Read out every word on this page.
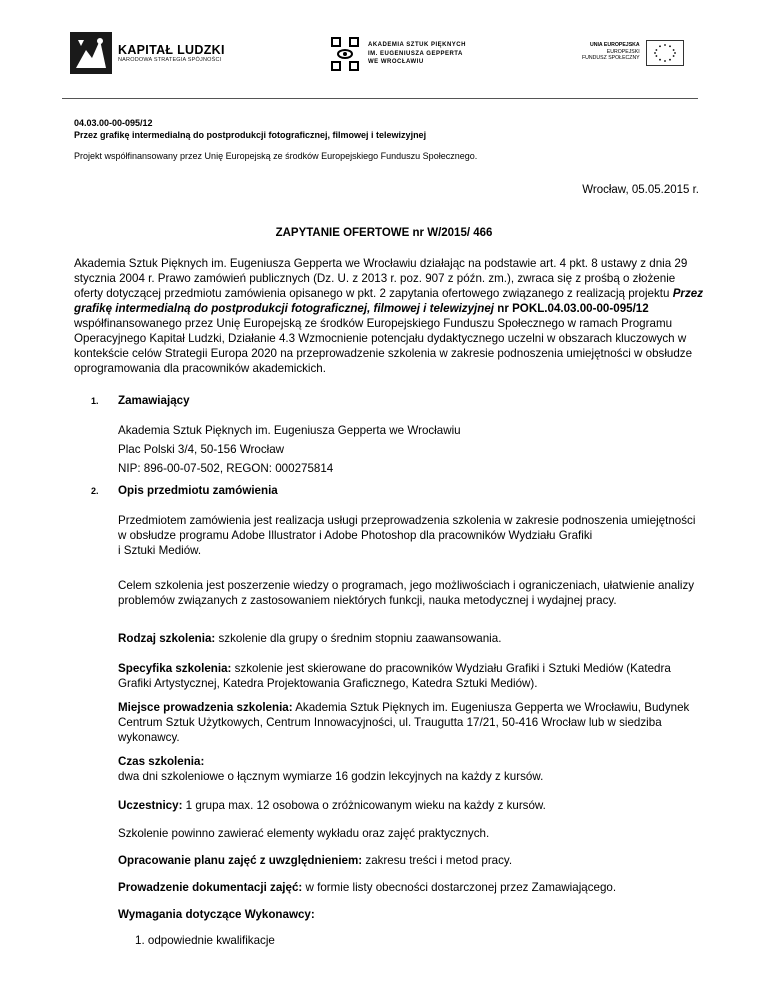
KAPITAŁ LUDZKI
NARODOWA STRATEGIA SPÓJNOŚCI
AKADEMIA SZTUK PIĘKNYCH
IM. EUGENIUSZA GEPPERTA
WE WROCŁAWIU
UNIA EUROPEJSKA
EUROPEJSKI
FUNDUSZ SPOŁECZNY
04.03.00-00-095/12
Przez grafikę intermedialną do postprodukcji fotograficznej, filmowej i telewizyjnej
Projekt współfinansowany przez Unię Europejską ze środków Europejskiego Funduszu Społecznego.
Wrocław, 05.05.2015 r.
ZAPYTANIE OFERTOWE nr W/2015/ 466
Akademia Sztuk Pięknych im. Eugeniusza Gepperta we Wrocławiu działając na podstawie art. 4 pkt. 8 ustawy z dnia 29 stycznia 2004 r. Prawo zamówień publicznych (Dz. U. z 2013 r. poz. 907 z późn. zm.), zwraca się z prośbą o złożenie oferty dotyczącej przedmiotu zamówienia opisanego w pkt. 2 zapytania ofertowego związanego z realizacją projektu Przez grafikę intermedialną do postprodukcji fotograficznej, filmowej i telewizyjnej nr POKL.04.03.00-00-095/12 współfinansowanego przez Unię Europejską ze środków Europejskiego Funduszu Społecznego w ramach Programu Operacyjnego Kapitał Ludzki, Działanie 4.3 Wzmocnienie potencjału dydaktycznego uczelni w obszarach kluczowych w kontekście celów Strategii Europa 2020 na przeprowadzenie szkolenia w zakresie podnoszenia umiejętności w obsłudze oprogramowania dla pracowników akademickich.
1.	Zamawiający
Akademia Sztuk Pięknych im. Eugeniusza Gepperta we Wrocławiu
Plac Polski 3/4, 50-156 Wrocław
NIP: 896-00-07-502, REGON: 000275814
2.	Opis przedmiotu zamówienia
Przedmiotem zamówienia jest realizacja usługi przeprowadzenia szkolenia w zakresie podnoszenia umiejętności w obsłudze programu Adobe Illustrator i Adobe Photoshop dla pracowników Wydziału Grafiki
i Sztuki Mediów.
Celem szkolenia jest poszerzenie wiedzy o programach, jego możliwościach i ograniczeniach, ułatwienie analizy problemów związanych z zastosowaniem niektórych funkcji, nauka metodycznej i wydajnej pracy.
Rodzaj szkolenia: szkolenie dla grupy o średnim stopniu zaawansowania.
Specyfika szkolenia: szkolenie jest skierowane do pracowników Wydziału Grafiki i Sztuki Mediów (Katedra Grafiki Artystycznej, Katedra Projektowania Graficznego, Katedra Sztuki Mediów).
Miejsce prowadzenia szkolenia: Akademia Sztuk Pięknych im. Eugeniusza Gepperta we Wrocławiu, Budynek Centrum Sztuk Użytkowych, Centrum Innowacyjności, ul. Traugutta 17/21, 50-416 Wrocław lub w siedziba wykonawcy.
Czas szkolenia:
dwa dni szkoleniowe o łącznym wymiarze 16 godzin lekcyjnych na każdy z kursów.
Uczestnicy: 1 grupa max. 12 osobowa o zróżnicowanym wieku na każdy z kursów.
Szkolenie powinno zawierać elementy wykładu oraz zajęć praktycznych.
Opracowanie planu zajęć z uwzględnieniem: zakresu treści i metod pracy.
Prowadzenie dokumentacji zajęć: w formie listy obecności dostarczonej przez Zamawiającego.
Wymagania dotyczące Wykonawcy:
1. odpowiednie kwalifikacje
